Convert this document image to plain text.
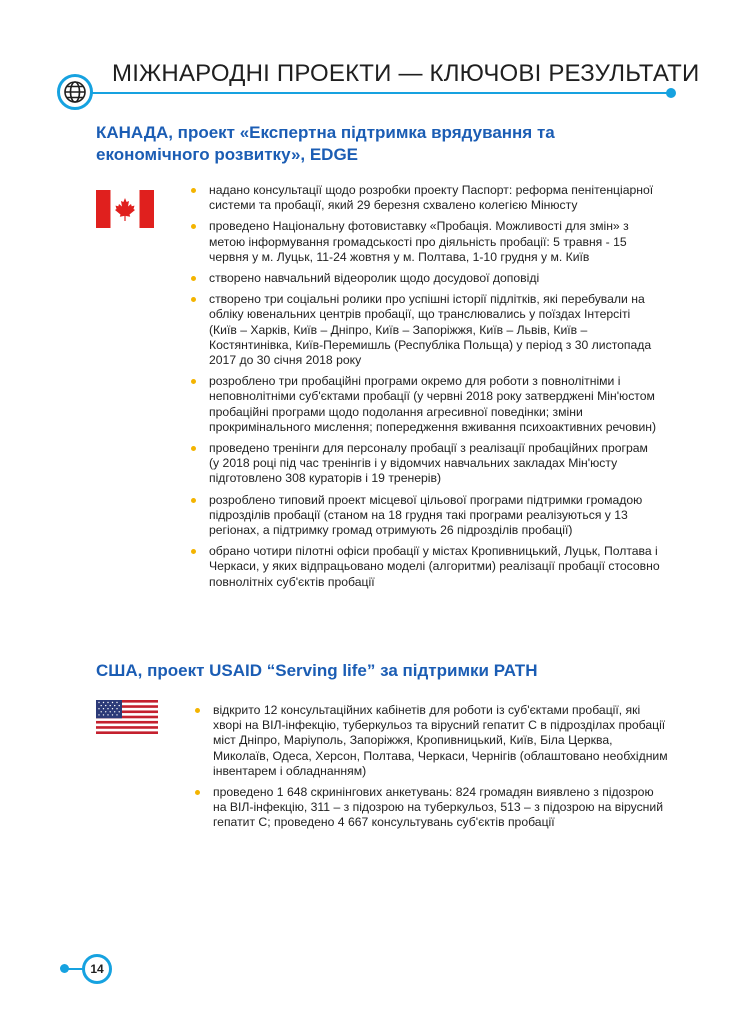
МІЖНАРОДНІ ПРОЕКТИ — КЛЮЧОВІ РЕЗУЛЬТАТИ
КАНАДА, проект «Експертна підтримка врядування та економічного розвитку», EDGE
надано консультації щодо розробки проекту Паспорт: реформа пенітенціарної системи та пробації, який 29 березня схвалено колегією Мінюсту
проведено Національну фотовиставку «Пробація. Можливості для змін» з метою інформування громадськості про діяльність пробації: 5 травня - 15 червня у м. Луцьк, 11-24 жовтня у м. Полтава, 1-10 грудня у м. Київ
створено навчальний відеоролик щодо досудової доповіді
створено три соціальні ролики про успішні історії підлітків, які перебували на обліку ювенальних центрів пробації, що транслювались у поїздах Інтерсіті (Київ – Харків, Київ – Дніпро, Київ – Запоріжжя, Київ – Львів, Київ – Костянтинівка, Київ-Перемишль (Республіка Польща) у період з 30 листопада 2017 до 30 січня 2018 року
розроблено три пробаційні програми окремо для роботи з повнолітніми і неповнолітніми суб'єктами пробації (у червні 2018 року затверджені Мін'юстом пробаційні програми щодо подолання агресивної поведінки; зміни прокримінального мислення; попередження вживання психоактивних речовин)
проведено тренінги для персоналу пробації з реалізації пробаційних програм (у 2018 році під час тренінгів і у відомчих навчальних закладах Мін'юсту підготовлено 308 кураторів і 19 тренерів)
розроблено типовий проект місцевої цільової програми підтримки громадою підрозділів пробації (станом на 18 грудня такі програми реалізуються у 13 регіонах, а підтримку громад отримують 26 підрозділів пробації)
обрано чотири пілотні офіси пробації у містах Кропивницький, Луцьк, Полтава і Черкаси, у яких відпрацьовано моделі (алгоритми) реалізації пробації стосовно повнолітніх суб'єктів пробації
США, проект USAID “Serving life” за підтримки PATH
відкрито 12 консультаційних кабінетів для роботи із суб'єктами пробації, які хворі на ВІЛ-інфекцію, туберкульоз та вірусний гепатит С в підрозділах пробації міст Дніпро, Маріуполь, Запоріжжя, Кропивницький, Київ, Біла Церква, Миколаїв, Одеса, Херсон, Полтава, Черкаси, Чернігів (облаштовано необхідним інвентарем і обладнанням)
проведено 1 648 скринінгових анкетувань: 824 громадян виявлено з підозрою на ВІЛ-інфекцію, 311 – з підозрою на туберкульоз, 513 – з підозрою на вірусний гепатит С; проведено 4 667 консультувань суб'єктів пробації
14
